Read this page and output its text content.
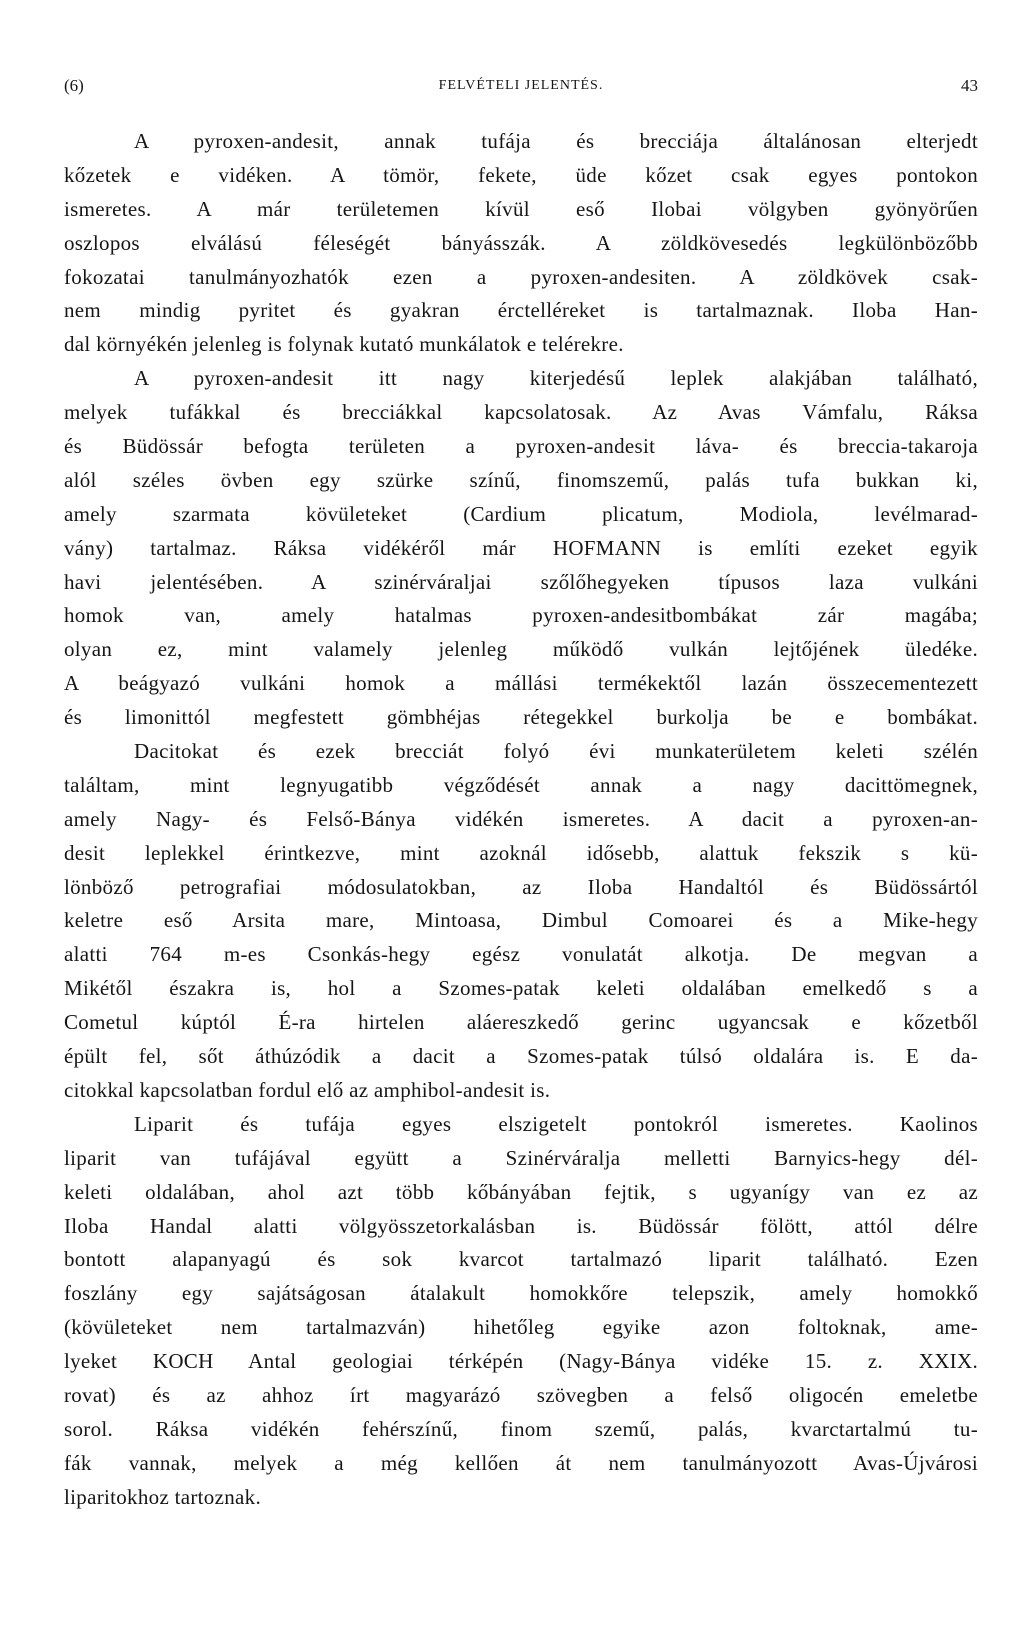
(6)	FELVÉTELI JELENTÉS.	43
A pyroxen-andesit, annak tufája és brecciája általánosan elterjedt
kőzetek e vidéken. A tömör, fekete, üde kőzet csak egyes pontokon
ismeretes. A már területemen kívül eső Ilobai völgyben gyönyörűen
oszlopos elválású féleségét bányásszák. A zöldkövesedés legkülönbözőbb
fokozatai tanulmányozhatók ezen a pyroxen-andesiten. A zöldkövek csak-
nem mindig pyritet és gyakran érctelléreket is tartalmaznak. Iloba Han-
dal környékén jelenleg is folynak kutató munkálatok e telérekre.
A pyroxen-andesit itt nagy kiterjedésű leplek alakjában található,
melyek tufákkal és brecciákkal kapcsolatosak. Az Avas Vámfalu, Ráksa
és Büdössár befogta területen a pyroxen-andesit láva- és breccia-takaroja
alól széles övben egy szürke színű, finomszemű, palás tufa bukkan ki,
amely szarmata kövületeket (Cardium plicatum, Modiola, levélmarad-
vány) tartalmaz. Ráksa vidékéről már HOFMANN is említi ezeket egyik
havi jelentésében. A szinérváraljai szőlőhegyeken típusos laza vulkáni
homok van, amely hatalmas pyroxen-andesitbombákat zár magába;
olyan ez, mint valamely jelenleg működő vulkán lejtőjének üledéke.
A beágyazó vulkáni homok a mállási termékektől lazán összecementezett
és limonittól megfestett gömbhéjas rétegekkel burkolja be e bombákat.
Dacitokat és ezek brecciát folyó évi munkaterületem keleti szélén
találtam, mint legnyugatibb végződését annak a nagy dacittömegnek,
amely Nagy- és Felső-Bánya vidékén ismeretes. A dacit a pyroxen-an-
desit leplekkel érintkezve, mint azoknál idősebb, alattuk fekszik s kü-
lönböző petrografiai módosulatokban, az Iloba Handaltól és Büdössártól
keletre eső Arsita mare, Mintoasa, Dimbul Comoarei és a Mike-hegy
alatti 764 m-es Csonkás-hegy egész vonulatát alkotja. De megvan a
Mikétől északra is, hol a Szomes-patak keleti oldalában emelkedő s a
Cometul kúptól É-ra hirtelen aláereszkedő gerinc ugyancsak e kőzetből
épült fel, sőt áthúzódik a dacit a Szomes-patak túlsó oldalára is. E da-
citokkal kapcsolatban fordul elő az amphibol-andesit is.
Liparit és tufája egyes elszigetelt pontokról ismeretes. Kaolinos
liparit van tufájával együtt a Szinérváralja melletti Barnyics-hegy dél-
keleti oldalában, ahol azt több kőbányában fejtik, s ugyanígy van ez az
Iloba Handal alatti völgyösszetorkalásban is. Büdössár fölött, attól délre
bontott alapanyagú és sok kvarcot tartalmazó liparit található. Ezen
foszlány egy sajátságosan átalakult homokkőre telepszik, amely homokkő
(kövületeket nem tartalmazván) hihetőleg egyike azon foltoknak, ame-
lyeket KOCH Antal geologiai térképén (Nagy-Bánya vidéke 15. z. XXIX.
rovat) és az ahhoz írt magyarázó szövegben a felső oligocén emeletbe
sorol. Ráksa vidékén fehérszínű, finom szemű, palás, kvarctartalmú tu-
fák vannak, melyek a még kellően át nem tanulmányozott Avas-Újvárosi
liparitokhoz tartoznak.
